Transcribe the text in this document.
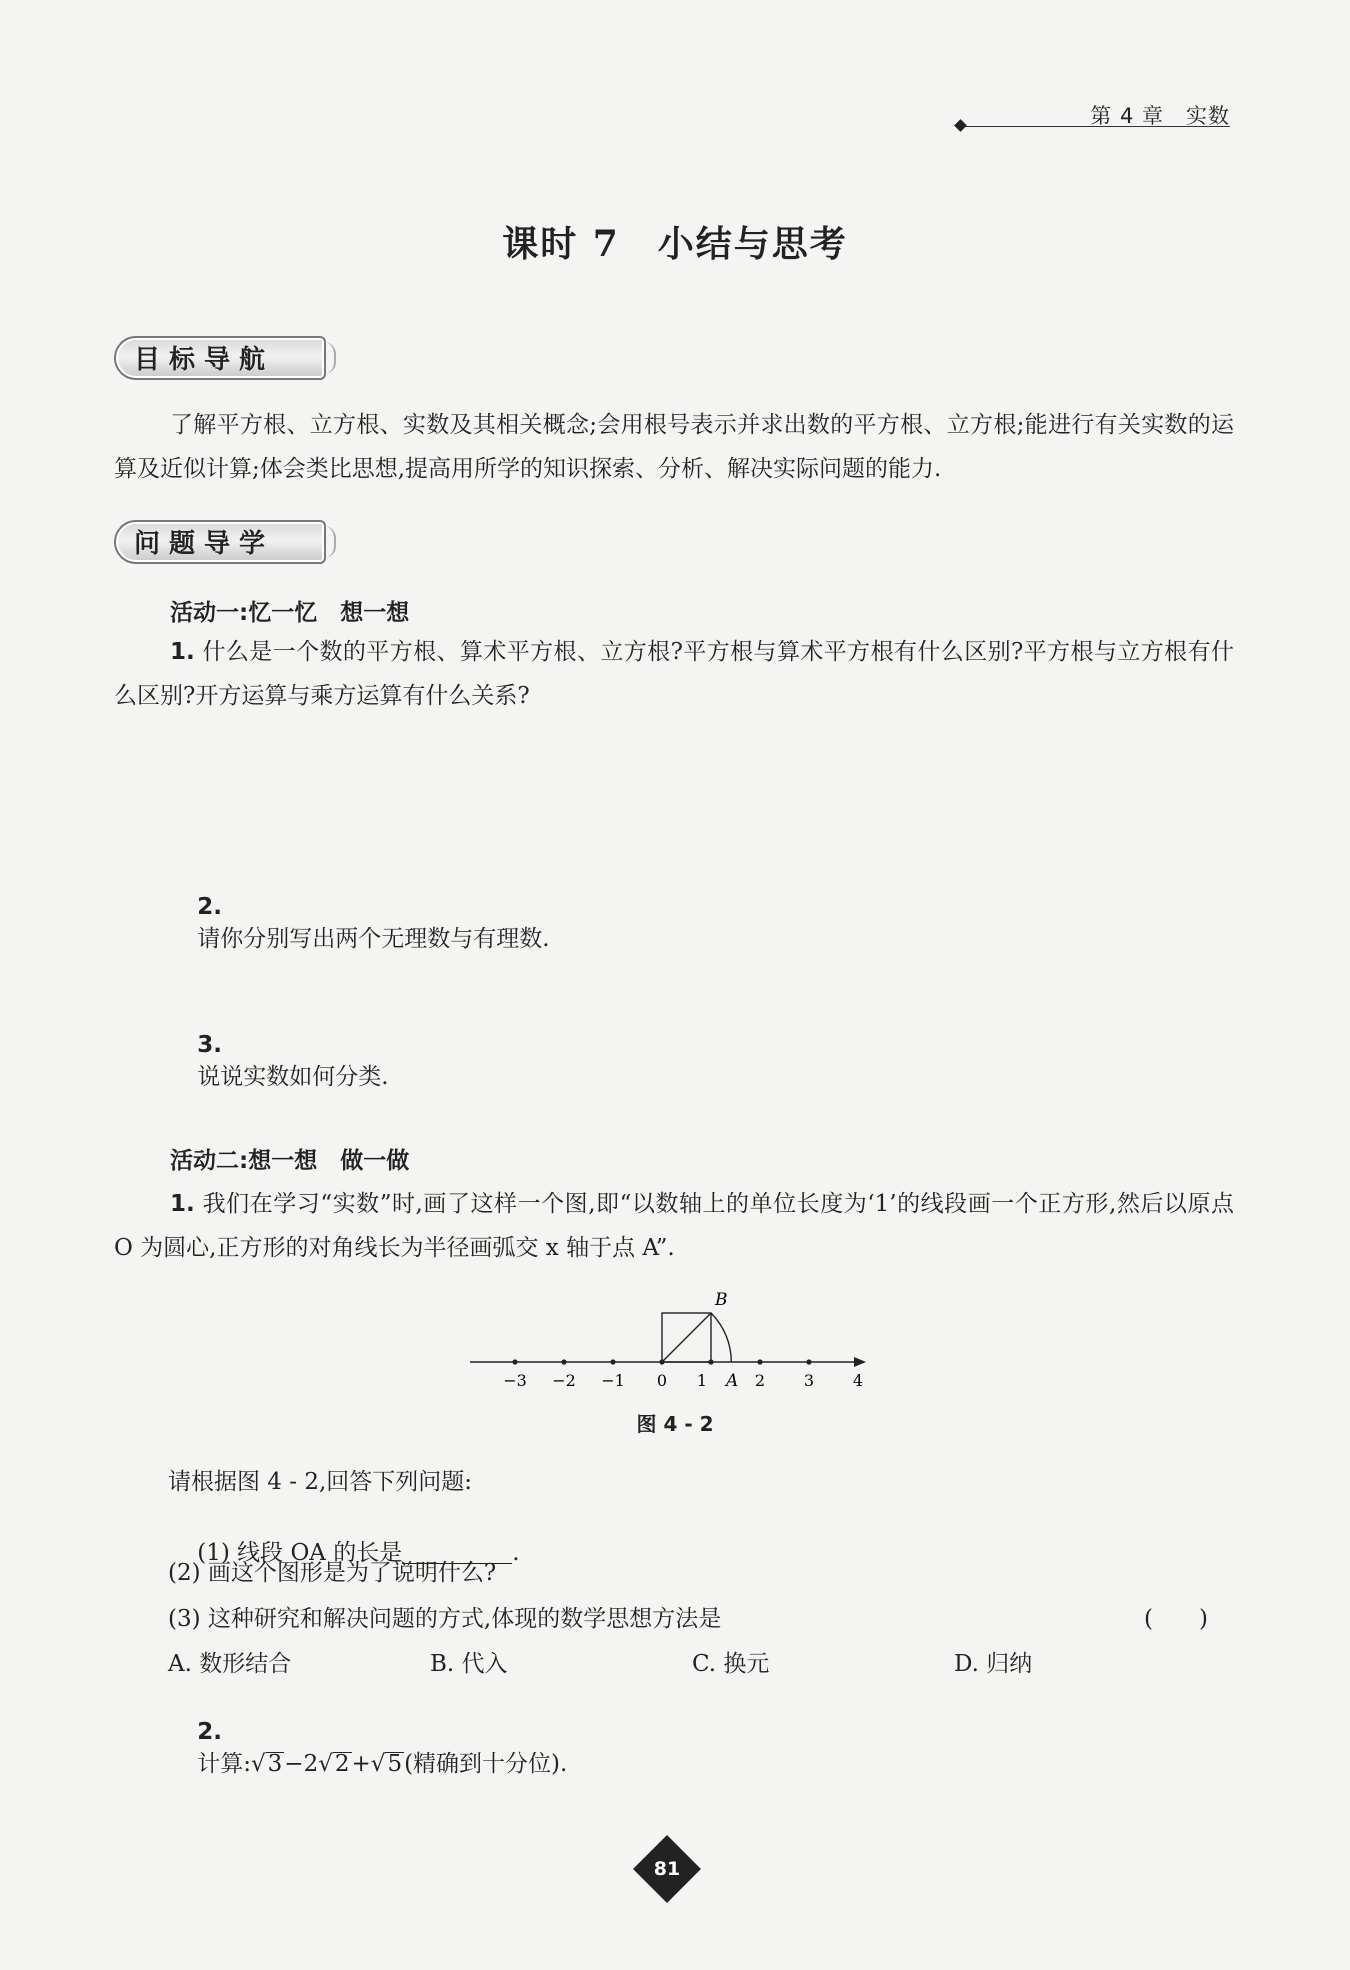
第 4 章　实数
课时 7　小结与思考
目标导航
了解平方根、立方根、实数及其相关概念;会用根号表示并求出数的平方根、立方根;能进行有关实数的运算及近似计算;体会类比思想,提高用所学的知识探索、分析、解决实际问题的能力.
问题导学
活动一:忆一忆　想一想
1. 什么是一个数的平方根、算术平方根、立方根?平方根与算术平方根有什么区别?平方根与立方根有什么区别?开方运算与乘方运算有什么关系?

2.
请你分别写出两个无理数与有理数.

3.
说说实数如何分类.

活动二:想一想　做一做
1. 我们在学习“实数”时,画了这样一个图,即“以数轴上的单位长度为‘1’的线段画一个正方形,然后以原点 O 为圆心,正方形的对角线长为半径画弧交 x 轴于点 A”.
−3 −2 −1 0 1	2 3 4
B
A
图 4 - 2
请根据图 4 - 2,回答下列问题:

(1) 线段 OA 的长是	.

(2) 画这个图形是为了说明什么?
(3) 这种研究和解决问题的方式,体现的数学思想方法是	(　　)
A. 数形结合	B. 代入	C. 换元	D. 归纳

2.
计算:√3−2√2+√5(精确到十分位).

81
